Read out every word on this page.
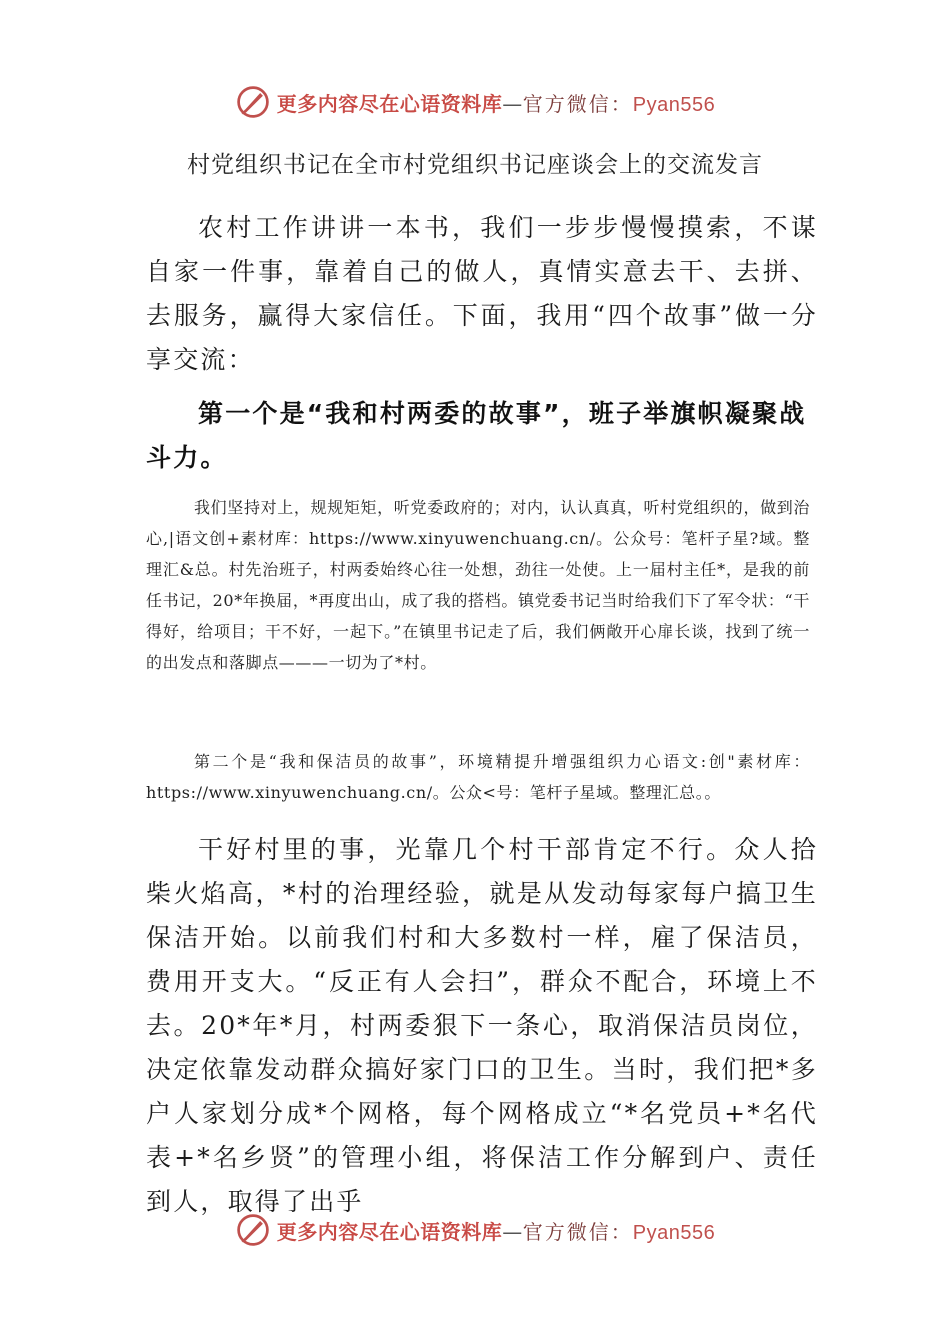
更多内容尽在心语资料库—官方微信：Pyan556
村党组织书记在全市村党组织书记座谈会上的交流发言

农村工作讲讲一本书，我们一步步慢慢摸索，不谋自家一件事，靠着自己的做人，真情实意去干、去拼、去服务，赢得大家信任。下面，我用“四个故事”做一分享交流：

第一个是“我和村两委的故事”，班子举旗帜凝聚战斗力。

我们坚持对上，规规矩矩，听党委政府的；对内，认认真真，听村党组织的，做到治心,|语文创+素材库：https://www.xinyuwenchuang.cn/。公众号：笔杆子星?域。整理汇&总。村先治班子，村两委始终心往一处想，劲往一处使。上一届村主任*，是我的前任书记，20*年换届，*再度出山，成了我的搭档。镇党委书记当时给我们下了军令状：“干得好，给项目；干不好，一起下。”在镇里书记走了后，我们俩敞开心扉长谈，找到了统一的出发点和落脚点———一切为了*村。

第二个是“我和保洁员的故事”，环境精提升增强组织力心语文:创"素材库：https://www.xinyuwenchuang.cn/。公众<号：笔杆子星域。整理汇总。。

干好村里的事，光靠几个村干部肯定不行。众人拾柴火焰高，*村的治理经验，就是从发动每家每户搞卫生保洁开始。以前我们村和大多数村一样，雇了保洁员，费用开支大。“反正有人会扫”，群众不配合，环境上不去。20*年*月，村两委狠下一条心，取消保洁员岗位，决定依靠发动群众搞好家门口的卫生。当时，我们把*多户人家划分成*个网格，每个网格成立“*名党员+*名代表+*名乡贤”的管理小组，将保洁工作分解到户、责任到人，取得了出乎

更多内容尽在心语资料库—官方微信：Pyan556
